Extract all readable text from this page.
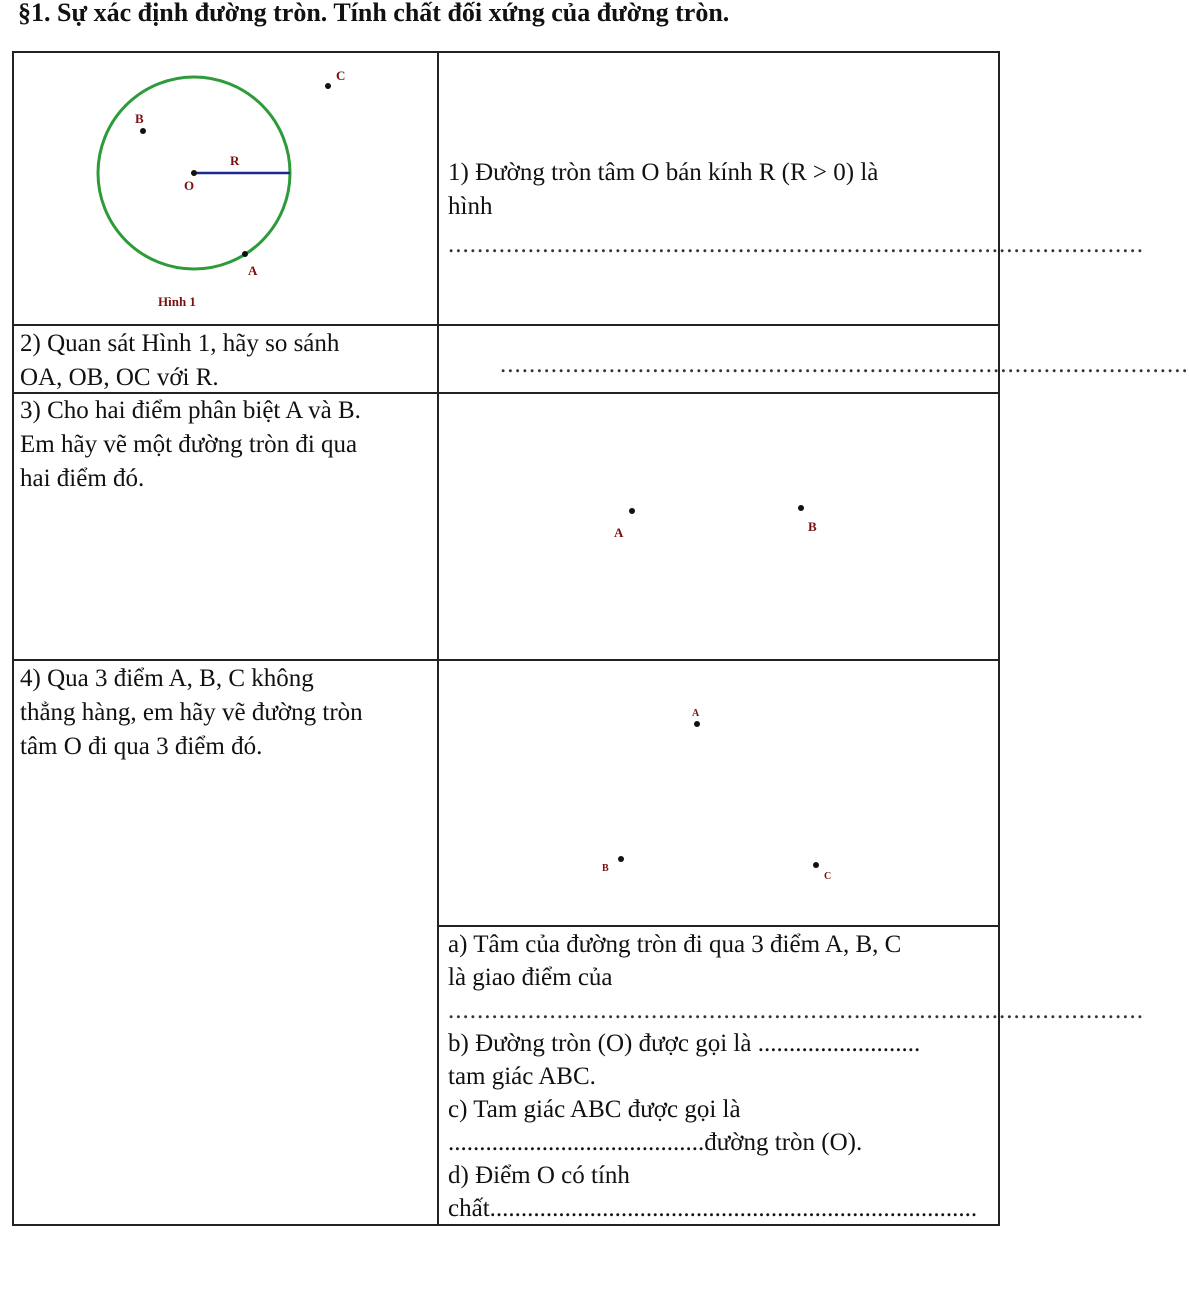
§1. Sự xác định đường tròn. Tính chất đối xứng của đường tròn.
O
R
B
A
C
Hình 1
1) Đường tròn tâm O bán kính R (R > 0) là
hình
................................................................................................
2) Quan sát Hình 1, hãy so sánh
OA, OB, OC với R.	...............................................................................................
3) Cho hai điểm phân biệt A và B.
Em hãy vẽ một đường tròn đi qua
hai điểm đó.
A	B
4) Qua 3 điểm A, B, C không
thẳng hàng, em hãy vẽ đường tròn
tâm O đi qua 3 điểm đó.
A
B
C
a) Tâm của đường tròn đi qua 3 điểm A, B, C
là giao điểm của
................................................................................................
b) Đường tròn (O) được gọi là ..........................
tam giác ABC.
c) Tam giác ABC được gọi là
.........................................đường tròn (O).
d) Điểm O có tính
chất..............................................................................
